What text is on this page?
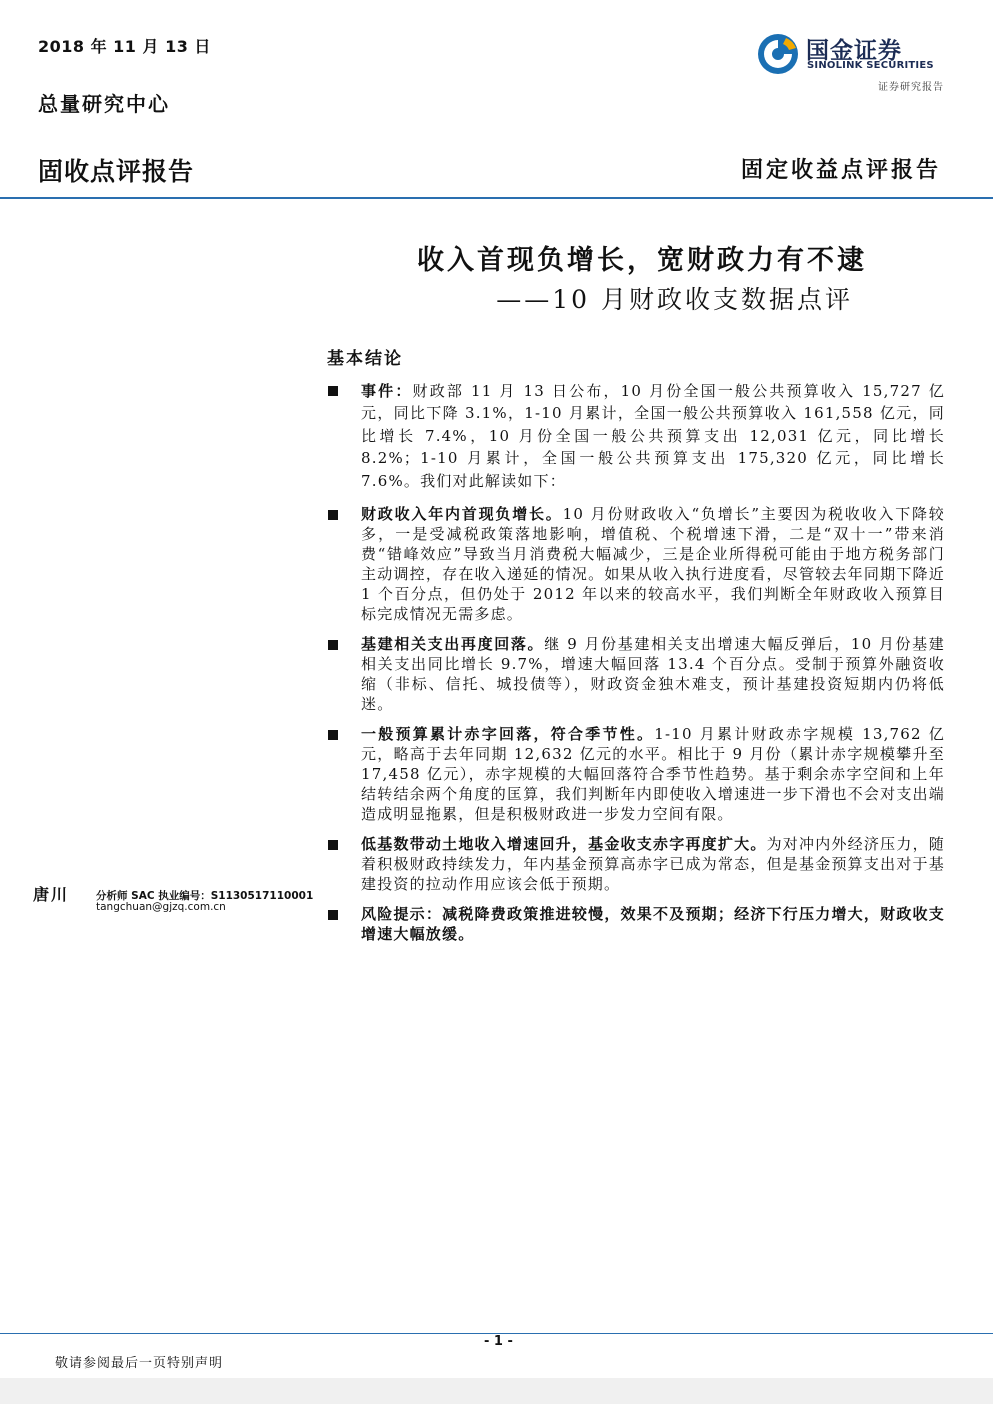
2018 年 11 月 13 日
总量研究中心
国金证券
SINOLINK SECURITIES
证券研究报告
固收点评报告	固定收益点评报告
收入首现负增长，宽财政力有不逮
——10 月财政收支数据点评
基本结论
事件：财政部 11 月 13 日公布，10 月份全国一般公共预算收入 15,727 亿元，同比下降 3.1%，1-10 月累计，全国一般公共预算收入 161,558 亿元，同比增长 7.4%，10 月份全国一般公共预算支出 12,031 亿元，同比增长 8.2%；1-10 月累计，全国一般公共预算支出 175,320 亿元，同比增长 7.6%。我们对此解读如下：
财政收入年内首现负增长。10 月份财政收入“负增长”主要因为税收收入下降较多，一是受减税政策落地影响，增值税、个税增速下滑，二是“双十一”带来消费“错峰效应”导致当月消费税大幅减少，三是企业所得税可能由于地方税务部门主动调控，存在收入递延的情况。如果从收入执行进度看，尽管较去年同期下降近 1 个百分点，但仍处于 2012 年以来的较高水平，我们判断全年财政收入预算目标完成情况无需多虑。
基建相关支出再度回落。继 9 月份基建相关支出增速大幅反弹后，10 月份基建相关支出同比增长 9.7%，增速大幅回落 13.4 个百分点。受制于预算外融资收缩（非标、信托、城投债等），财政资金独木难支，预计基建投资短期内仍将低迷。
一般预算累计赤字回落，符合季节性。1-10 月累计财政赤字规模 13,762 亿元，略高于去年同期 12,632 亿元的水平。相比于 9 月份（累计赤字规模攀升至 17,458 亿元），赤字规模的大幅回落符合季节性趋势。基于剩余赤字空间和上年结转结余两个角度的匡算，我们判断年内即使收入增速进一步下滑也不会对支出端造成明显拖累，但是积极财政进一步发力空间有限。
低基数带动土地收入增速回升，基金收支赤字再度扩大。为对冲内外经济压力，随着积极财政持续发力，年内基金预算高赤字已成为常态，但是基金预算支出对于基建投资的拉动作用应该会低于预期。
风险提示：减税降费政策推进较慢，效果不及预期；经济下行压力增大，财政收支增速大幅放缓。
唐川	分析师 SAC 执业编号：S1130517110001
tangchuan@gjzq.com.cn
- 1 -
敬请参阅最后一页特别声明
